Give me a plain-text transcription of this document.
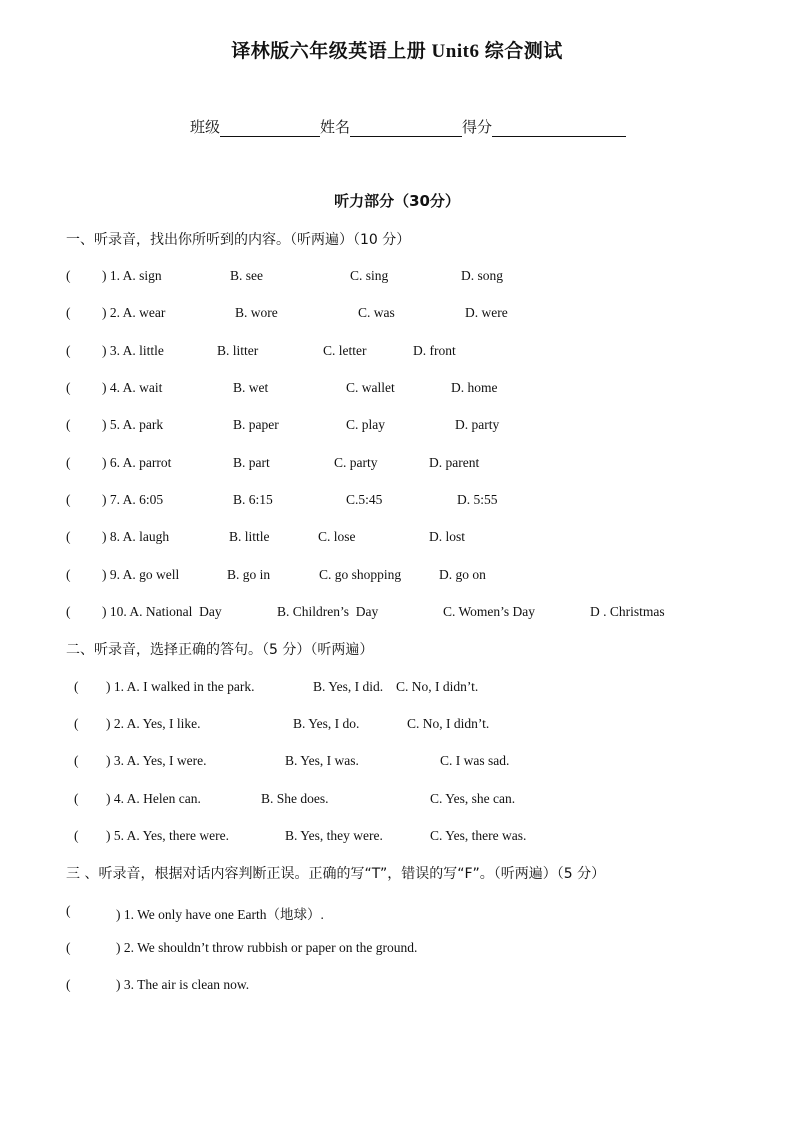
译林版六年级英语上册 Unit6 综合测试
班级	姓名	得分
听力部分（30分）
一、听录音，找出你所听到的内容。（听两遍）（10 分）
( ) 1. A. sign	B. see	C. sing	D. song
( ) 2. A. wear	B. wore	C. was	D. were
( ) 3. A. little	B. litter	C. letter	D. front
( ) 4. A. wait	B. wet	C. wallet	D. home
( ) 5. A. park	B. paper	C. play	D. party
( ) 6. A. parrot	B. part	C. party	D. parent
( ) 7. A. 6:05	B. 6:15	C.5:45	D. 5:55
( ) 8. A. laugh	B. little	C. lose	D. lost
( ) 9. A. go well	B. go in	C. go shopping	D. go on
( ) 10. A. National  Day	B. Children’s  Day	C. Women’s Day	D . Christmas
二、听录音，选择正确的答句。（5 分）（听两遍）
( ) 1. A. I walked in the park.	B. Yes, I did. C. No, I didn’t.
( ) 2. A. Yes, I like.	B. Yes, I do.	C. No, I didn’t.
( ) 3. A. Yes, I were.	B. Yes, I was.	C. I was sad.
( ) 4. A. Helen can.	B. She does.	C. Yes, she can.
( ) 5. A. Yes, there were.	B. Yes, they were.	C. Yes, there was.
三 、听录音，根据对话内容判断正误。正确的写“T”，错误的写“F”。（听两遍）（5 分）
(	) 1. We only have one Earth（地球）.
(	) 2. We shouldn’t throw rubbish or paper on the ground.
(	) 3. The air is clean now.
